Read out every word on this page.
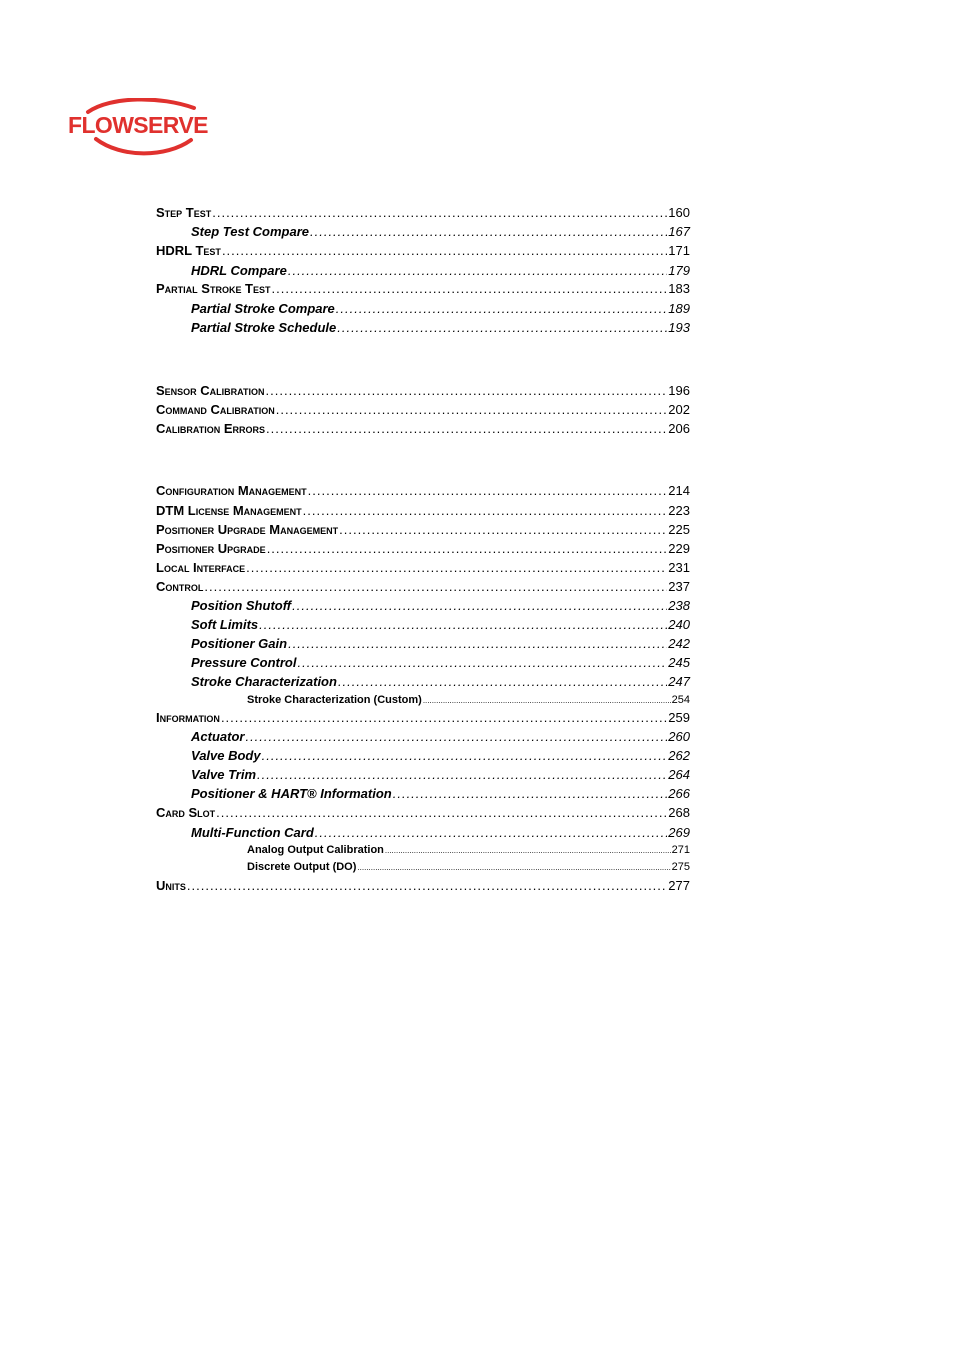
FLOWSERVE
Step Test .....	160
Step Test Compare .....	167
HDRL Test .....	171
HDRL Compare .....	179
Partial Stroke Test .....	183
Partial Stroke Compare .....	189
Partial Stroke Schedule .....	193
Sensor Calibration .....	196
Command Calibration .....	202
Calibration Errors .....	206
Configuration Management .....	214
DTM License Management .....	223
Positioner Upgrade Management .....	225
Positioner Upgrade .....	229
Local Interface .....	231
Control .....	237
Position Shutoff .....	238
Soft Limits .....	240
Positioner Gain .....	242
Pressure Control .....	245
Stroke Characterization .....	247
Stroke Characterization (Custom) .....	254
Information .....	259
Actuator .....	260
Valve Body .....	262
Valve Trim .....	264
Positioner & HART® Information .....	266
Card Slot .....	268
Multi-Function Card .....	269
Analog Output Calibration .....	271
Discrete Output (DO) .....	275
Units .....	277
